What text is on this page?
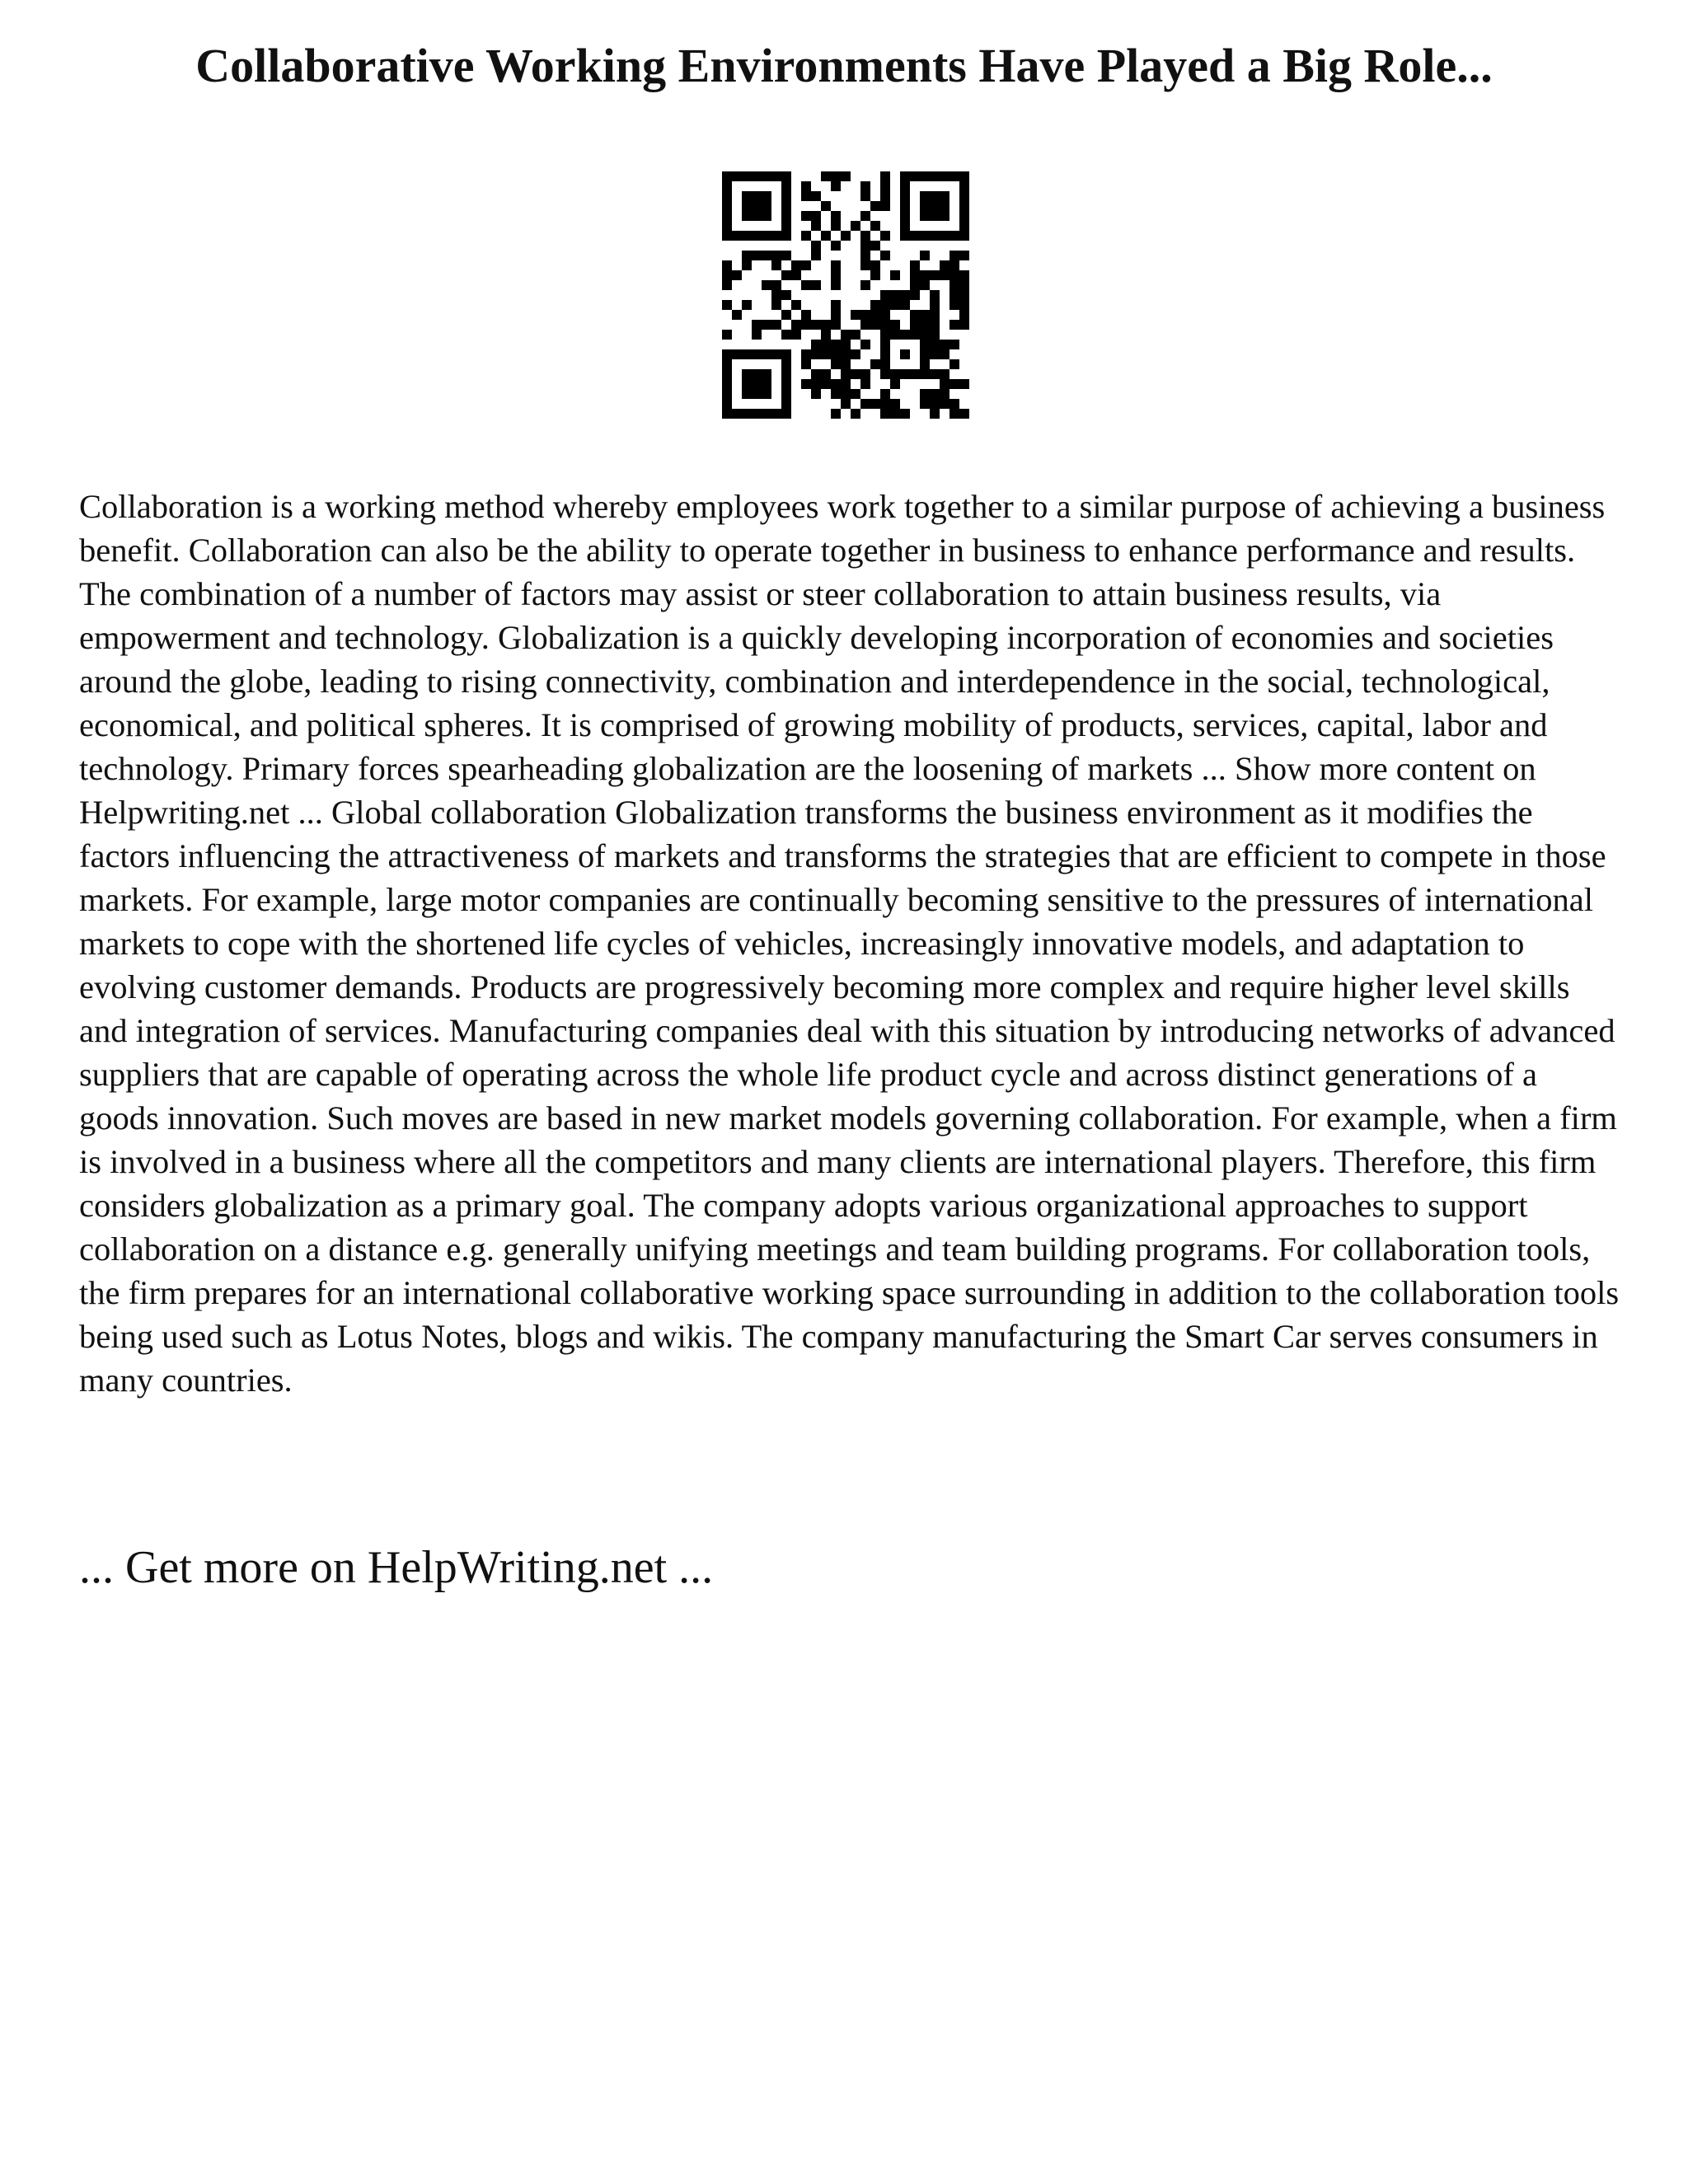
Collaborative Working Environments Have Played a Big Role...

Collaboration is a working method whereby employees work together to a similar purpose of achieving a business benefit. Collaboration can also be the ability to operate together in business to enhance performance and results. The combination of a number of factors may assist or steer collaboration to attain business results, via empowerment and technology. Globalization is a quickly developing incorporation of economies and societies around the globe, leading to rising connectivity, combination and interdependence in the social, technological, economical, and political spheres. It is comprised of growing mobility of products, services, capital, labor and technology. Primary forces spearheading globalization are the loosening of markets ... Show more content on Helpwriting.net ... Global collaboration Globalization transforms the business environment as it modifies the factors influencing the attractiveness of markets and transforms the strategies that are efficient to compete in those markets. For example, large motor companies are continually becoming sensitive to the pressures of international markets to cope with the shortened life cycles of vehicles, increasingly innovative models, and adaptation to evolving customer demands. Products are progressively becoming more complex and require higher level skills and integration of services. Manufacturing companies deal with this situation by introducing networks of advanced suppliers that are capable of operating across the whole life product cycle and across distinct generations of a goods innovation. Such moves are based in new market models governing collaboration. For example, when a firm is involved in a business where all the competitors and many clients are international players. Therefore, this firm considers globalization as a primary goal. The company adopts various organizational approaches to support collaboration on a distance e.g. generally unifying meetings and team building programs. For collaboration tools, the firm prepares for an international collaborative working space surrounding in addition to the collaboration tools being used such as Lotus Notes, blogs and wikis. The company manufacturing the Smart Car serves consumers in many countries.

... Get more on HelpWriting.net ...
